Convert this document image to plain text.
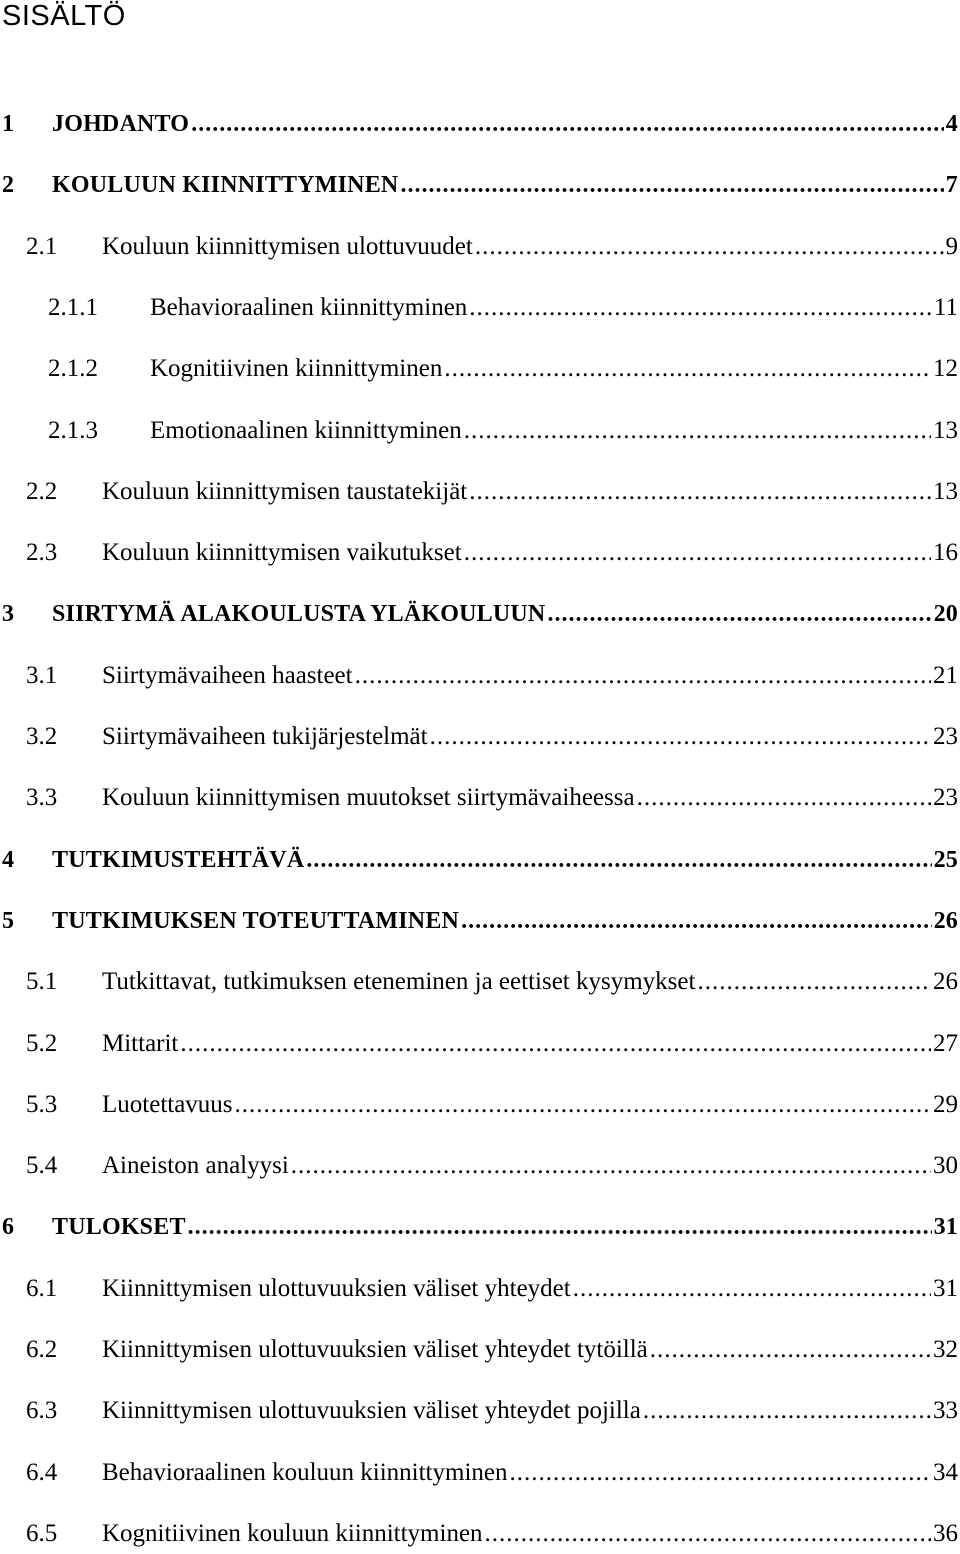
SISÄLTÖ
1	JOHDANTO .....	4
2	KOULUUN KIINNITTYMINEN .....	7
2.1	Kouluun kiinnittymisen ulottuvuudet .....	9
2.1.1	Behavioraalinen kiinnittyminen .....	11
2.1.2	Kognitiivinen kiinnittyminen .....	12
2.1.3	Emotionaalinen kiinnittyminen .....	13
2.2	Kouluun kiinnittymisen taustatekijät .....	13
2.3	Kouluun kiinnittymisen vaikutukset .....	16
3	SIIRTYMÄ ALAKOULUSTA YLÄKOULUUN .....	20
3.1	Siirtymävaiheen haasteet .....	21
3.2	Siirtymävaiheen tukijärjestelmät .....	23
3.3	Kouluun kiinnittymisen muutokset siirtymävaiheessa .....	23
4	TUTKIMUSTEHTÄVÄ .....	25
5	TUTKIMUKSEN TOTEUTTAMINEN .....	26
5.1	Tutkittavat, tutkimuksen eteneminen ja eettiset kysymykset .....	26
5.2	Mittarit .....	27
5.3	Luotettavuus .....	29
5.4	Aineiston analyysi .....	30
6	TULOKSET .....	31
6.1	Kiinnittymisen ulottuvuuksien väliset yhteydet .....	31
6.2	Kiinnittymisen ulottuvuuksien väliset yhteydet tytöillä .....	32
6.3	Kiinnittymisen ulottuvuuksien väliset yhteydet pojilla .....	33
6.4	Behavioraalinen kouluun kiinnittyminen .....	34
6.5	Kognitiivinen kouluun kiinnittyminen .....	36
